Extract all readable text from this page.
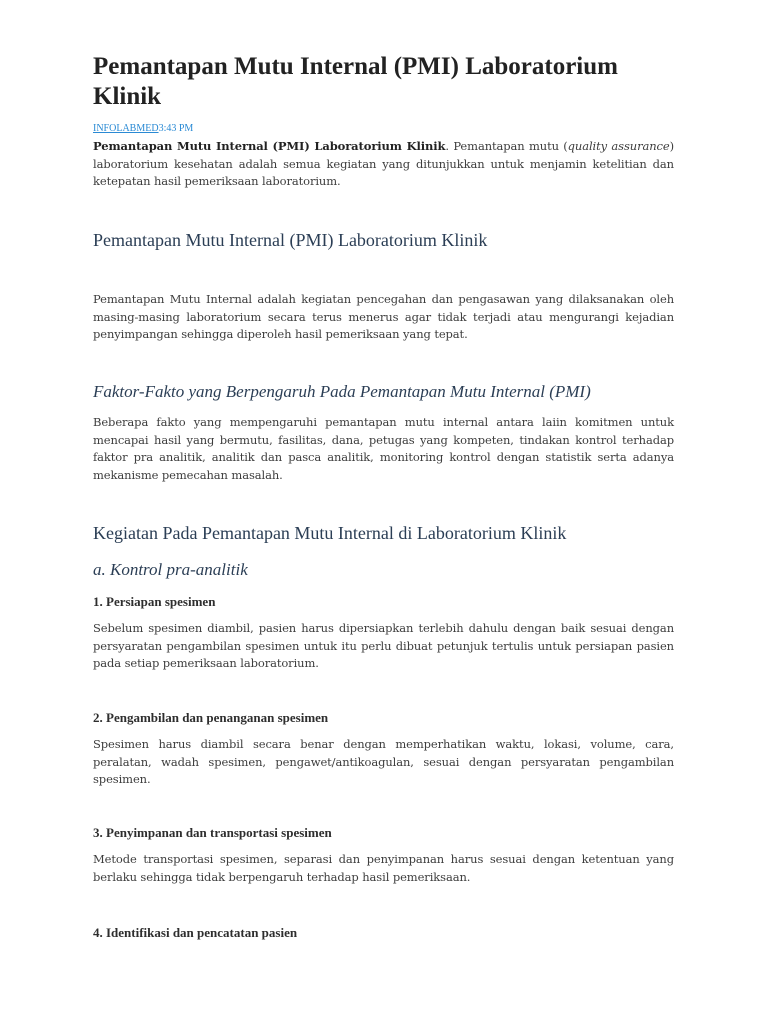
Pemantapan Mutu Internal (PMI) Laboratorium Klinik
INFOLABMED3:43 PM

Pemantapan Mutu Internal (PMI) Laboratorium Klinik. Pemantapan mutu (quality assurance) laboratorium kesehatan adalah semua kegiatan yang ditunjukkan untuk menjamin ketelitian dan ketepatan hasil pemeriksaan laboratorium.

Pemantapan Mutu Internal (PMI) Laboratorium Klinik

Pemantapan Mutu Internal adalah kegiatan pencegahan dan pengasawan yang dilaksanakan oleh masing-masing laboratorium secara terus menerus agar tidak terjadi atau mengurangi kejadian penyimpangan sehingga diperoleh hasil pemeriksaan yang tepat.

Faktor-Fakto yang Berpengaruh Pada Pemantapan Mutu Internal (PMI)

Beberapa fakto yang mempengaruhi pemantapan mutu internal antara laiin komitmen untuk mencapai hasil yang bermutu, fasilitas, dana, petugas yang kompeten, tindakan kontrol terhadap faktor pra analitik, analitik dan pasca analitik, monitoring kontrol dengan statistik serta adanya mekanisme pemecahan masalah.

Kegiatan Pada Pemantapan Mutu Internal di Laboratorium Klinik
a. Kontrol pra-analitik
1. Persiapan spesimen

Sebelum spesimen diambil, pasien harus dipersiapkan terlebih dahulu dengan baik sesuai dengan persyaratan pengambilan spesimen untuk itu perlu dibuat petunjuk tertulis untuk persiapan pasien pada setiap pemeriksaan laboratorium.

2. Pengambilan dan penanganan spesimen

Spesimen harus diambil secara benar dengan memperhatikan waktu, lokasi, volume, cara, peralatan, wadah spesimen, pengawet/antikoagulan, sesuai dengan persyaratan pengambilan spesimen.

3. Penyimpanan dan transportasi spesimen

Metode transportasi spesimen, separasi dan penyimpanan harus sesuai dengan ketentuan yang berlaku sehingga tidak berpengaruh terhadap hasil pemeriksaan.

4. Identifikasi dan pencatatan pasien
